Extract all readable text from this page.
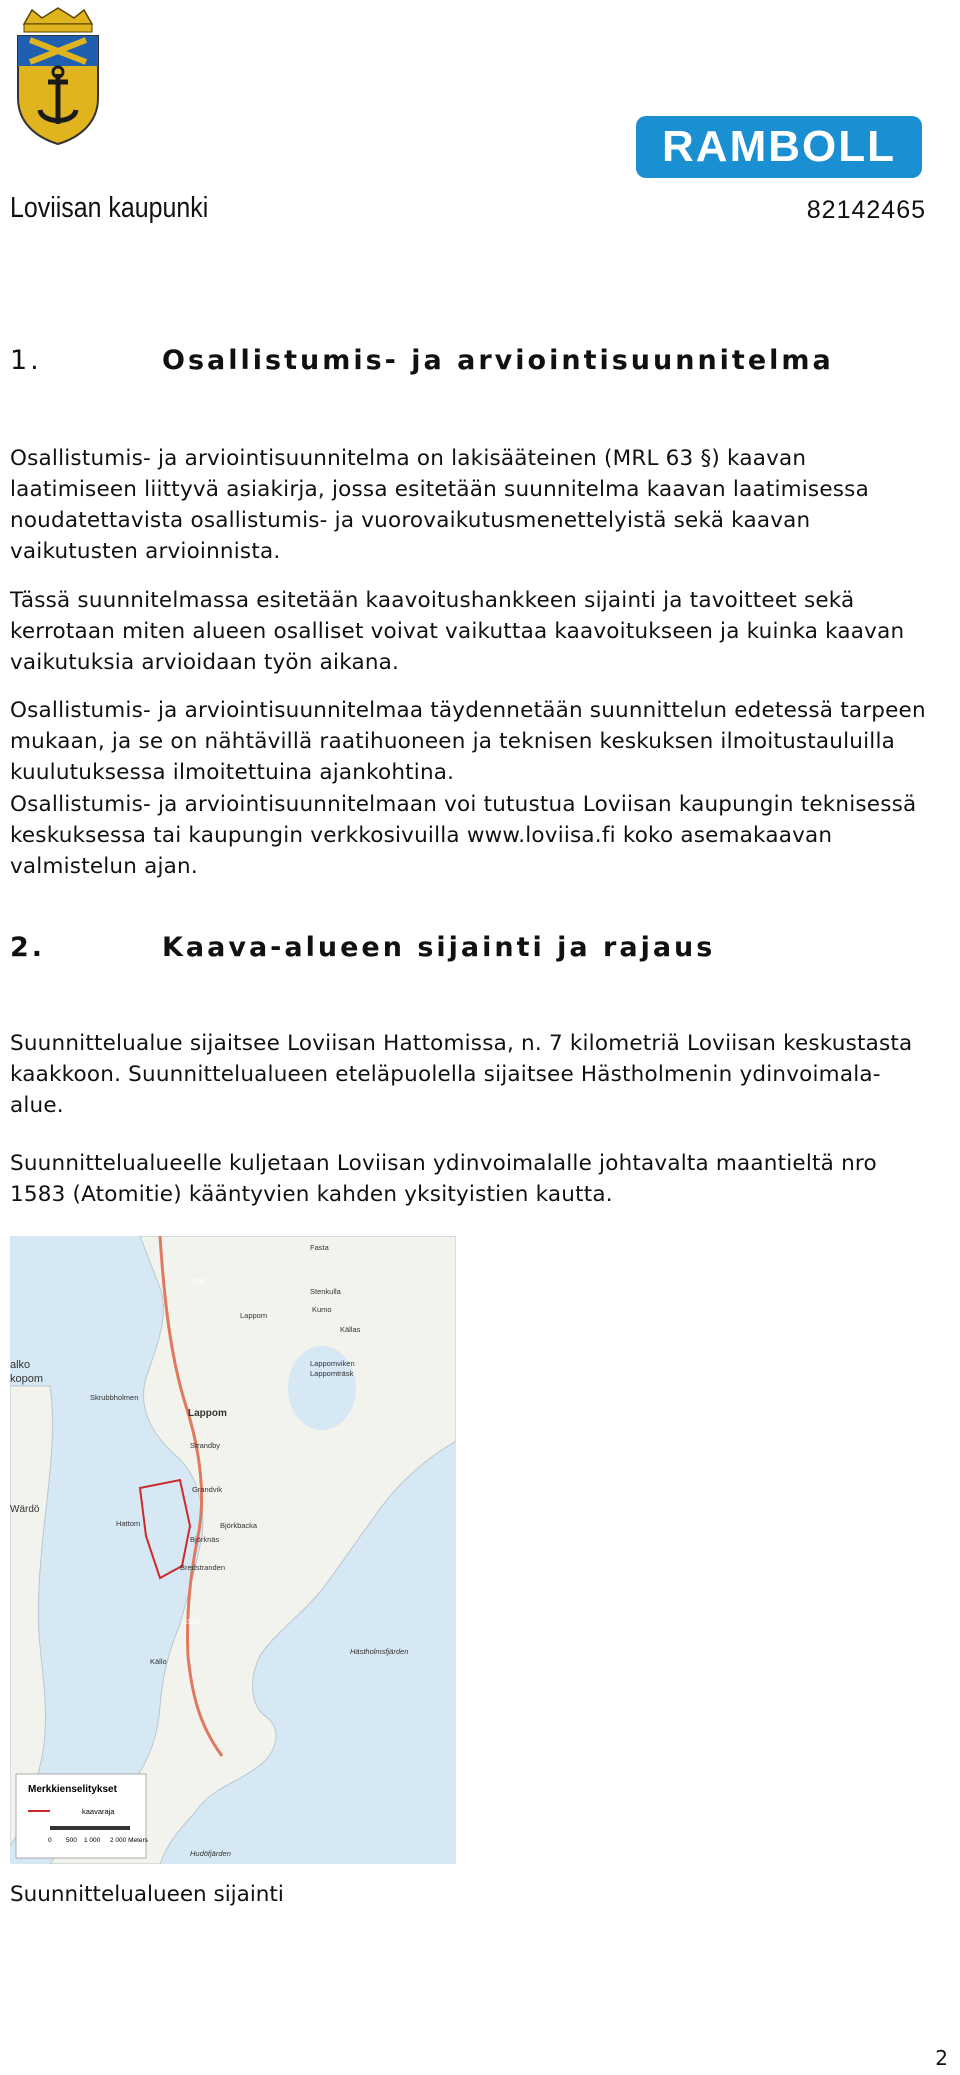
RAMBOLL
Loviisan kaupunki	82142465
1.	Osallistumis- ja arviointisuunnitelma

Osallistumis- ja arviointisuunnitelma on lakisääteinen (MRL 63 §) kaavan laatimiseen liittyvä asiakirja, jossa esitetään suunnitelma kaavan laatimisessa noudatettavista osallistumis- ja vuorovaikutusmenettelyistä sekä kaavan vaikutusten arvioinnista.

Tässä suunnitelmassa esitetään kaavoitushankkeen sijainti ja tavoitteet sekä kerrotaan miten alueen osalliset voivat vaikuttaa kaavoitukseen ja kuinka kaavan vaikutuksia arvioidaan työn aikana.

Osallistumis- ja arviointisuunnitelmaa täydennetään suunnittelun edetessä tarpeen mukaan, ja se on nähtävillä raatihuoneen ja teknisen keskuksen ilmoitustauluilla kuulutuksessa ilmoitettuina ajankohtina.

Osallistumis- ja arviointisuunnitelmaan voi tutustua Loviisan kaupungin teknisessä keskuksessa tai kaupungin verkkosivuilla www.loviisa.fi koko asemakaavan valmistelun ajan.

2.	Kaava-alueen sijainti ja rajaus

Suunnittelualue sijaitsee Loviisan Hattomissa, n. 7 kilometriä Loviisan keskustasta kaakkoon. Suunnittelualueen eteläpuolella sijaitsee Hästholmenin ydinvoimala-alue.

Suunnittelualueelle kuljetaan Loviisan ydinvoimalalle johtavalta maantieltä nro 1583 (Atomitie) kääntyvien kahden yksityistien kautta.

Fasta
1583
Lappom
Stenkulla
Kumo
Källas
Lappomviken
Lappomträsk
alko
kopom
Skrubbholmen
Lappom
Strandby
Grandvik
Hattom
Björknäs
Björkbacka
Wärdö
Bredstranden
1583
Källo
Hästholmsfjärden
Hudöfjärden
Merkkienselitykset
kaavaraja
0 500 1 000 2 000 Meters
Suunnittelualueen sijainti
2
